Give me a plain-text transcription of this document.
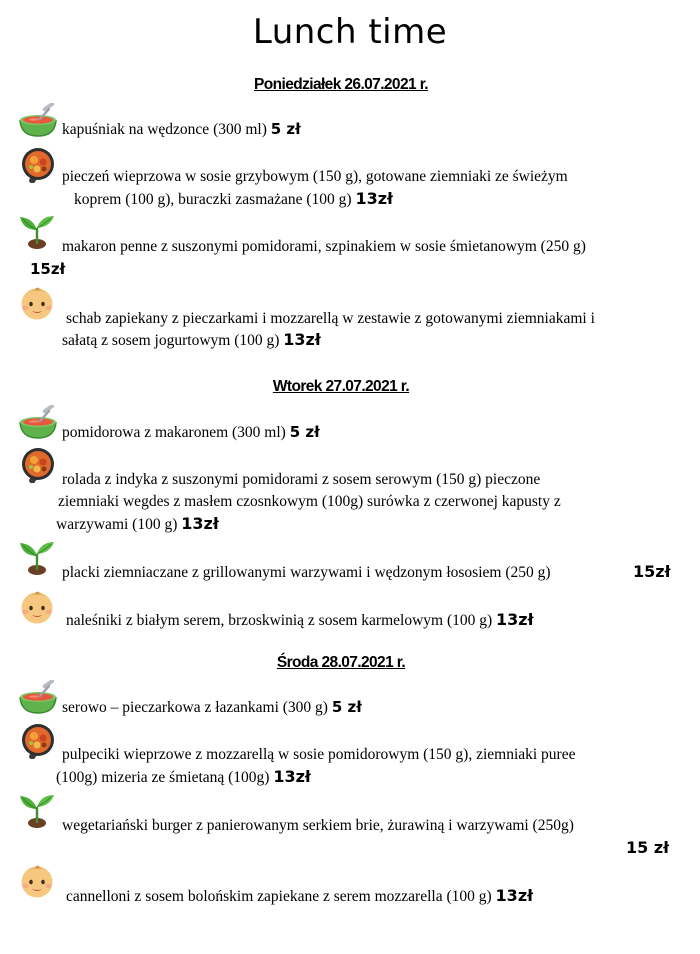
Lunch time
Poniedziałek 26.07.2021 r.
kapuśniak na wędzonce (300 ml) 5 zł
pieczeń wieprzowa w sosie grzybowym (150 g), gotowane ziemniaki ze świeżym
koprem (100 g), buraczki zasmażane (100 g) 13zł
makaron penne z suszonymi pomidorami, szpinakiem w sosie śmietanowym (250 g)
15zł
schab zapiekany z pieczarkami i mozzarellą w zestawie z gotowanymi ziemniakami i
sałatą z sosem jogurtowym (100 g) 13zł
Wtorek 27.07.2021 r.
pomidorowa z makaronem (300 ml) 5 zł
rolada z indyka z suszonymi pomidorami z sosem serowym (150 g) pieczone
ziemniaki wegdes z masłem czosnkowym (100g) surówka z czerwonej kapusty z
warzywami (100 g) 13zł
placki ziemniaczane z grillowanymi warzywami i wędzonym łososiem (250 g)	15zł
naleśniki z białym serem, brzoskwinią z sosem karmelowym (100 g) 13zł
Środa 28.07.2021 r.
serowo – pieczarkowa z łazankami (300 g) 5 zł
pulpeciki wieprzowe z mozzarellą w sosie pomidorowym (150 g), ziemniaki puree
(100g) mizeria ze śmietaną (100g) 13zł
wegetariański burger z panierowanym serkiem brie, żurawiną i warzywami (250g)
15 zł
cannelloni z sosem bolońskim zapiekane z serem mozzarella (100 g) 13zł
